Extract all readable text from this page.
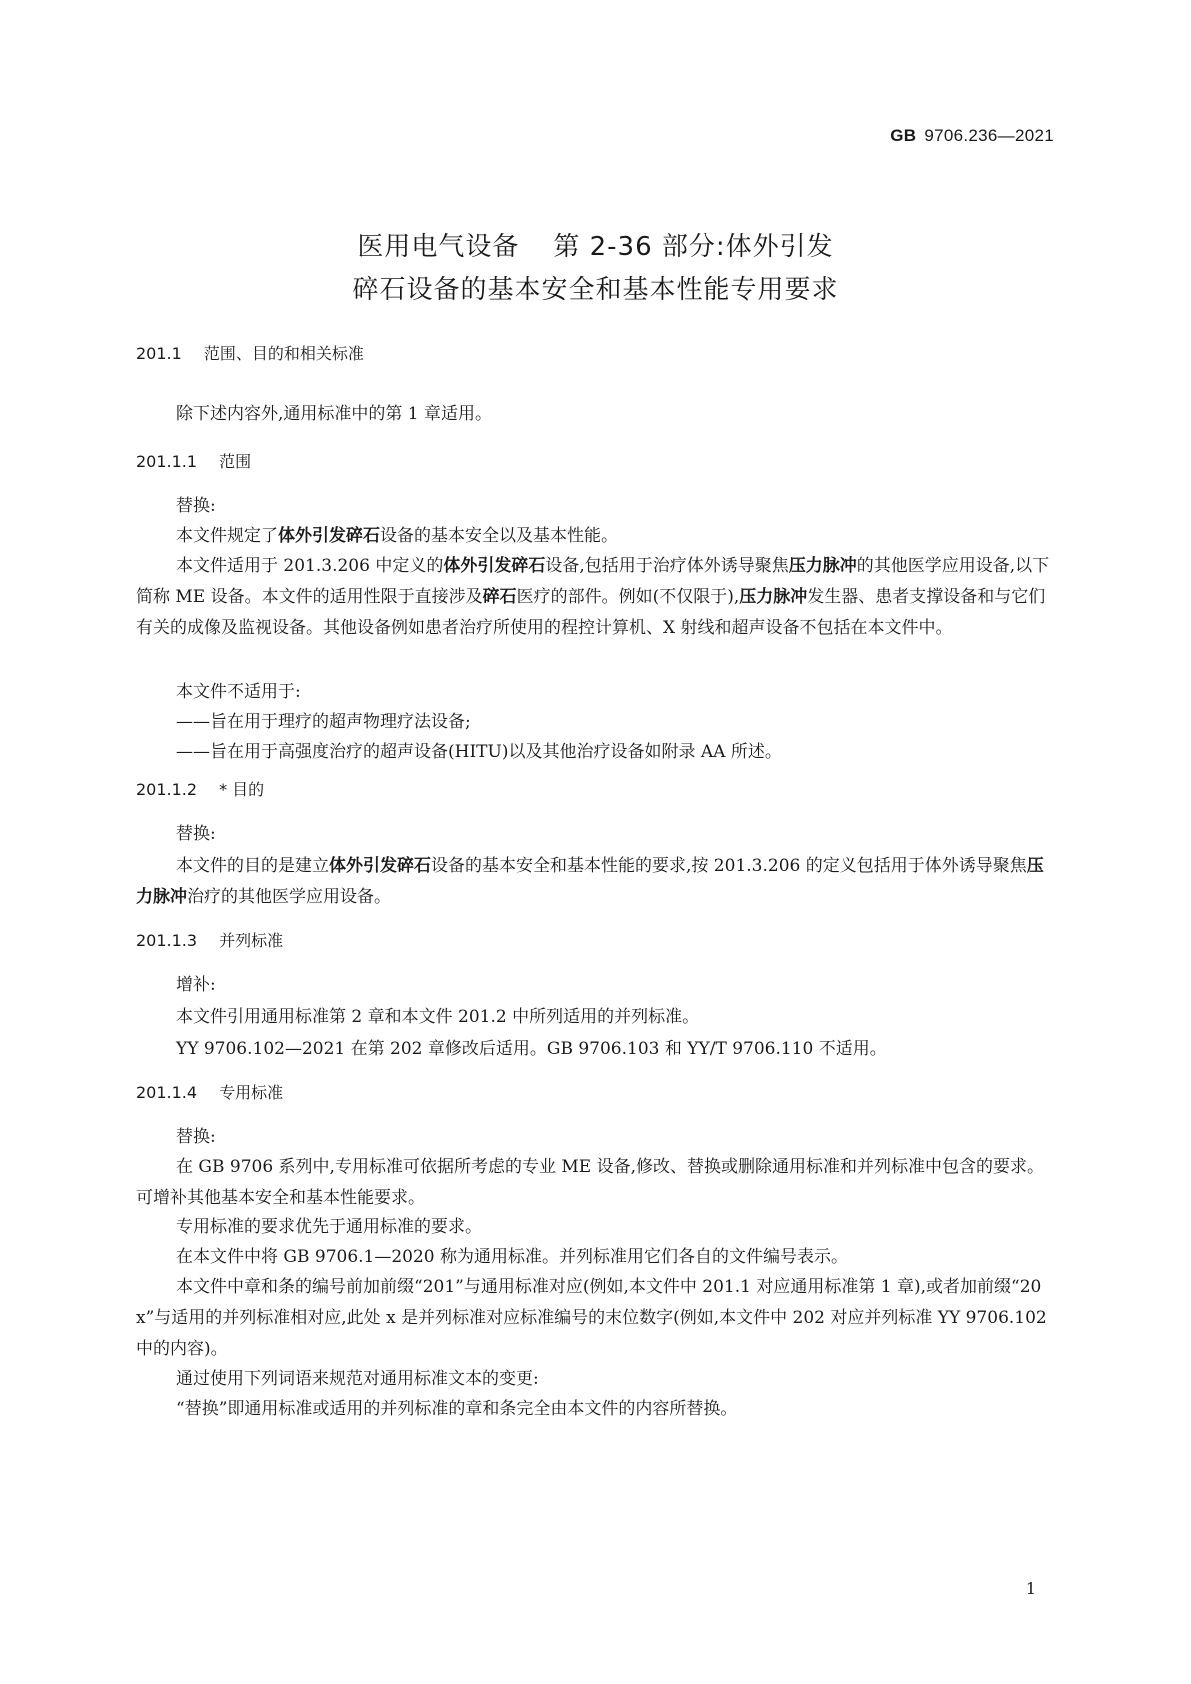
GB 9706.236—2021
医用电气设备 第 2-36 部分:体外引发
碎石设备的基本安全和基本性能专用要求
201.1 范围、目的和相关标准

除下述内容外,通用标准中的第 1 章适用。

201.1.1 范围

替换:

本文件规定了体外引发碎石设备的基本安全以及基本性能。

本文件适用于 201.3.206 中定义的体外引发碎石设备,包括用于治疗体外诱导聚焦压力脉冲的其他医学应用设备,以下简称 ME 设备。本文件的适用性限于直接涉及碎石医疗的部件。例如(不仅限于),压力脉冲发生器、患者支撑设备和与它们有关的成像及监视设备。其他设备例如患者治疗所使用的程控计算机、X 射线和超声设备不包括在本文件中。

本文件不适用于:

——旨在用于理疗的超声物理疗法设备;

——旨在用于高强度治疗的超声设备(HITU)以及其他治疗设备如附录 AA 所述。

201.1.2 * 目的

替换:

本文件的目的是建立体外引发碎石设备的基本安全和基本性能的要求,按 201.3.206 的定义包括用于体外诱导聚焦压力脉冲治疗的其他医学应用设备。

201.1.3 并列标准

增补:

本文件引用通用标准第 2 章和本文件 201.2 中所列适用的并列标准。

YY 9706.102—2021 在第 202 章修改后适用。GB 9706.103 和 YY/T 9706.110 不适用。

201.1.4 专用标准

替换:

在 GB 9706 系列中,专用标准可依据所考虑的专业 ME 设备,修改、替换或删除通用标准和并列标准中包含的要求。可增补其他基本安全和基本性能要求。

专用标准的要求优先于通用标准的要求。

在本文件中将 GB 9706.1—2020 称为通用标准。并列标准用它们各自的文件编号表示。

本文件中章和条的编号前加前缀“201”与通用标准对应(例如,本文件中 201.1 对应通用标准第 1 章),或者加前缀“20x”与适用的并列标准相对应,此处 x 是并列标准对应标准编号的末位数字(例如,本文件中 202 对应并列标准 YY 9706.102 中的内容)。

通过使用下列词语来规范对通用标准文本的变更:

“替换”即通用标准或适用的并列标准的章和条完全由本文件的内容所替换。

1
